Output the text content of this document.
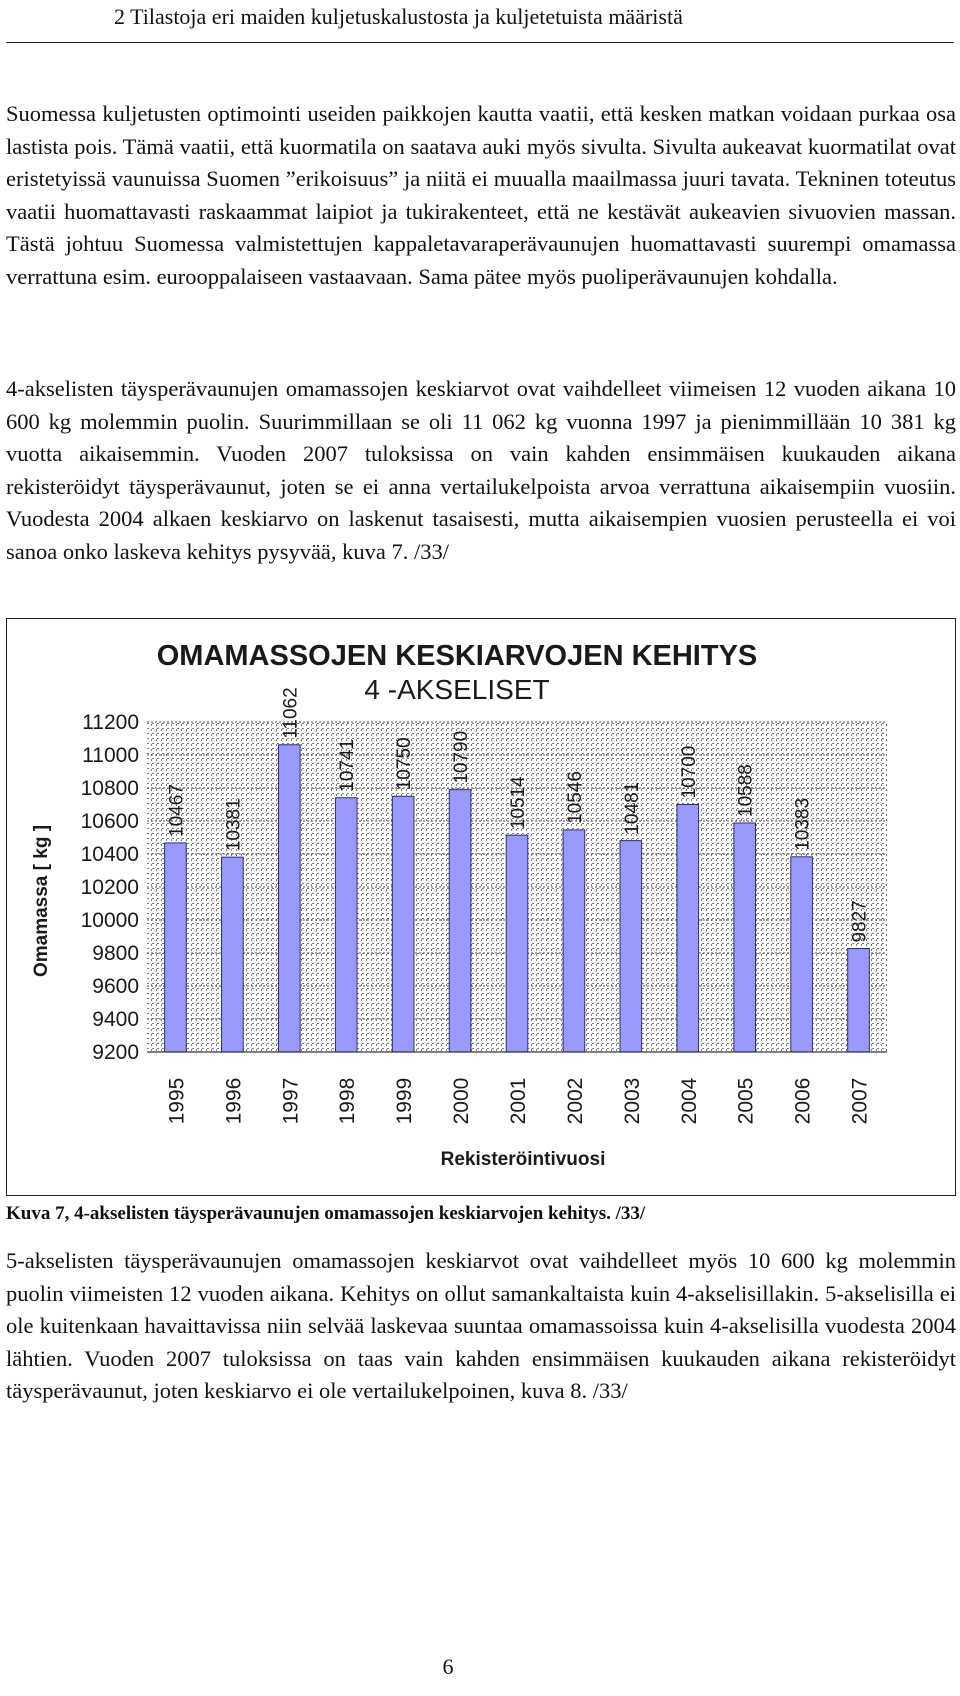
2 Tilastoja eri maiden kuljetuskalustosta ja kuljetetuista määristä

Suomessa kuljetusten optimointi useiden paikkojen kautta vaatii, että kesken matkan voidaan purkaa osa lastista pois. Tämä vaatii, että kuormatila on saatava auki myös sivulta. Sivulta aukeavat kuormatilat ovat eristetyissä vaunuissa Suomen ”erikoisuus” ja niitä ei muualla maailmassa juuri tavata. Tekninen toteutus vaatii huomattavasti raskaammat laipiot ja tukirakenteet, että ne kestävät aukeavien sivuovien massan. Tästä johtuu Suomessa valmistettujen kappaletavaraperävaunujen huomattavasti suurempi omamassa verrattuna esim. eurooppalaiseen vastaavaan. Sama pätee myös puoliperävaunujen kohdalla.

4-akselisten täysperävaunujen omamassojen keskiarvot ovat vaihdelleet viimeisen 12 vuoden aikana 10 600 kg molemmin puolin. Suurimmillaan se oli 11 062 kg vuonna 1997 ja pienimmillään 10 381 kg vuotta aikaisemmin. Vuoden 2007 tuloksissa on vain kahden ensimmäisen kuukauden aikana rekisteröidyt täysperävaunut, joten se ei anna vertailukelpoista arvoa verrattuna aikaisempiin vuosiin. Vuodesta 2004 alkaen keskiarvo on laskenut tasaisesti, mutta aikaisempien vuosien perusteella ei voi sanoa onko laskeva kehitys pysyvää, kuva 7. /33/

OMAMASSOJEN KESKIARVOJEN KEHITYS
4 -AKSELISET
9200
9400
9600
9800
10000
10200
10400
10600
10800
11000
11200
10467 10381
11062
10741 10750 10790
10514 10546 10481
10700 10588
10383
9827
1995 1996 1997 1998 1999 2000 2001 2002 2003 2004 2005 2006 2007
Omamassa [ kg ]
Rekisteröintivuosi
Kuva 7, 4-akselisten täysperävaunujen omamassojen keskiarvojen kehitys. /33/

5-akselisten täysperävaunujen omamassojen keskiarvot ovat vaihdelleet myös 10 600 kg molemmin puolin viimeisten 12 vuoden aikana. Kehitys on ollut samankaltaista kuin 4-akselisillakin. 5-akselisilla ei ole kuitenkaan havaittavissa niin selvää laskevaa suuntaa omamassoissa kuin 4-akselisilla vuodesta 2004 lähtien. Vuoden 2007 tuloksissa on taas vain kahden ensimmäisen kuukauden aikana rekisteröidyt täysperävaunut, joten keskiarvo ei ole vertailukelpoinen, kuva 8. /33/

6
